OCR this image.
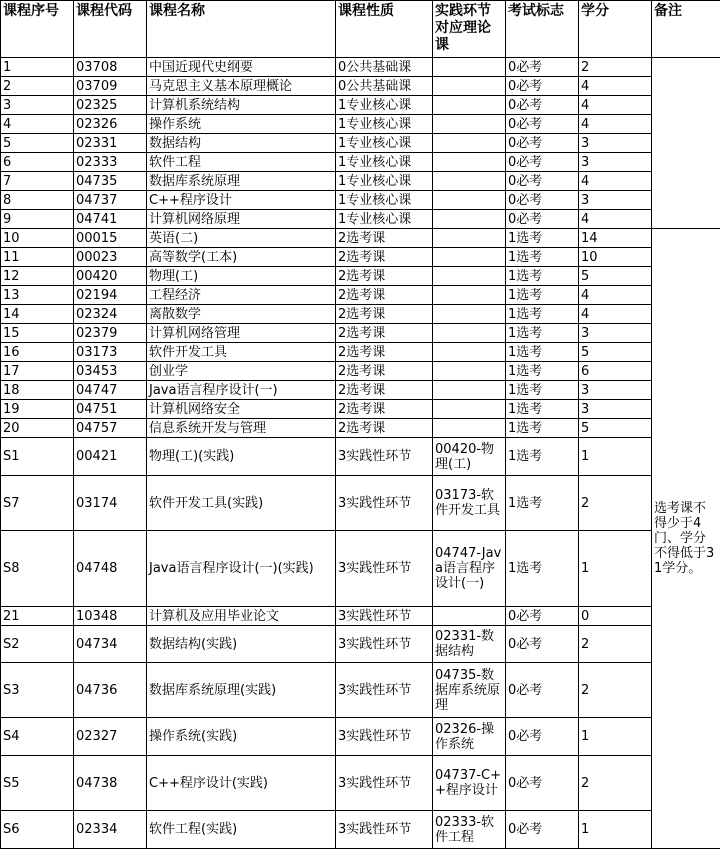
课程序号	课程代码	课程名称	课程性质	实践环节对应理论课	考试标志	学分	备注
1	03708	中国近现代史纲要	0公共基础课		0必考	2	
2	03709	马克思主义基本原理概论	0公共基础课		0必考	4	
3	02325	计算机系统结构	1专业核心课		0必考	4	
4	02326	操作系统	1专业核心课		0必考	4	
5	02331	数据结构	1专业核心课		0必考	3	
6	02333	软件工程	1专业核心课		0必考	3	
7	04735	数据库系统原理	1专业核心课		0必考	4	
8	04737	C++程序设计	1专业核心课		0必考	3	
9	04741	计算机网络原理	1专业核心课		0必考	4	
10	00015	英语(二)	2选考课		1选考	14	选考课不得少于4门、学分不得低于31学分。
11	00023	高等数学(工本)	2选考课		1选考	10	
12	00420	物理(工)	2选考课		1选考	5	
13	02194	工程经济	2选考课		1选考	4	
14	02324	离散数学	2选考课		1选考	4	
15	02379	计算机网络管理	2选考课		1选考	3	
16	03173	软件开发工具	2选考课		1选考	5	
17	03453	创业学	2选考课		1选考	6	
18	04747	Java语言程序设计(一)	2选考课		1选考	3	
19	04751	计算机网络安全	2选考课		1选考	3	
20	04757	信息系统开发与管理	2选考课		1选考	5	
S1	00421	物理(工)(实践)	3实践性环节	00420-物理(工)	1选考	1	
S7	03174	软件开发工具(实践)	3实践性环节	03173-软件开发工具	1选考	2	
S8	04748	Java语言程序设计(一)(实践)	3实践性环节	04747-Java语言程序设计(一)	1选考	1	
21	10348	计算机及应用毕业论文	3实践性环节		0必考	0	
S2	04734	数据结构(实践)	3实践性环节	02331-数据结构	0必考	2	
S3	04736	数据库系统原理(实践)	3实践性环节	04735-数据库系统原理	0必考	2	
S4	02327	操作系统(实践)	3实践性环节	02326-操作系统	0必考	1	
S5	04738	C++程序设计(实践)	3实践性环节	04737-C++程序设计	0必考	2	
S6	02334	软件工程(实践)	3实践性环节	02333-软件工程	0必考	1	
